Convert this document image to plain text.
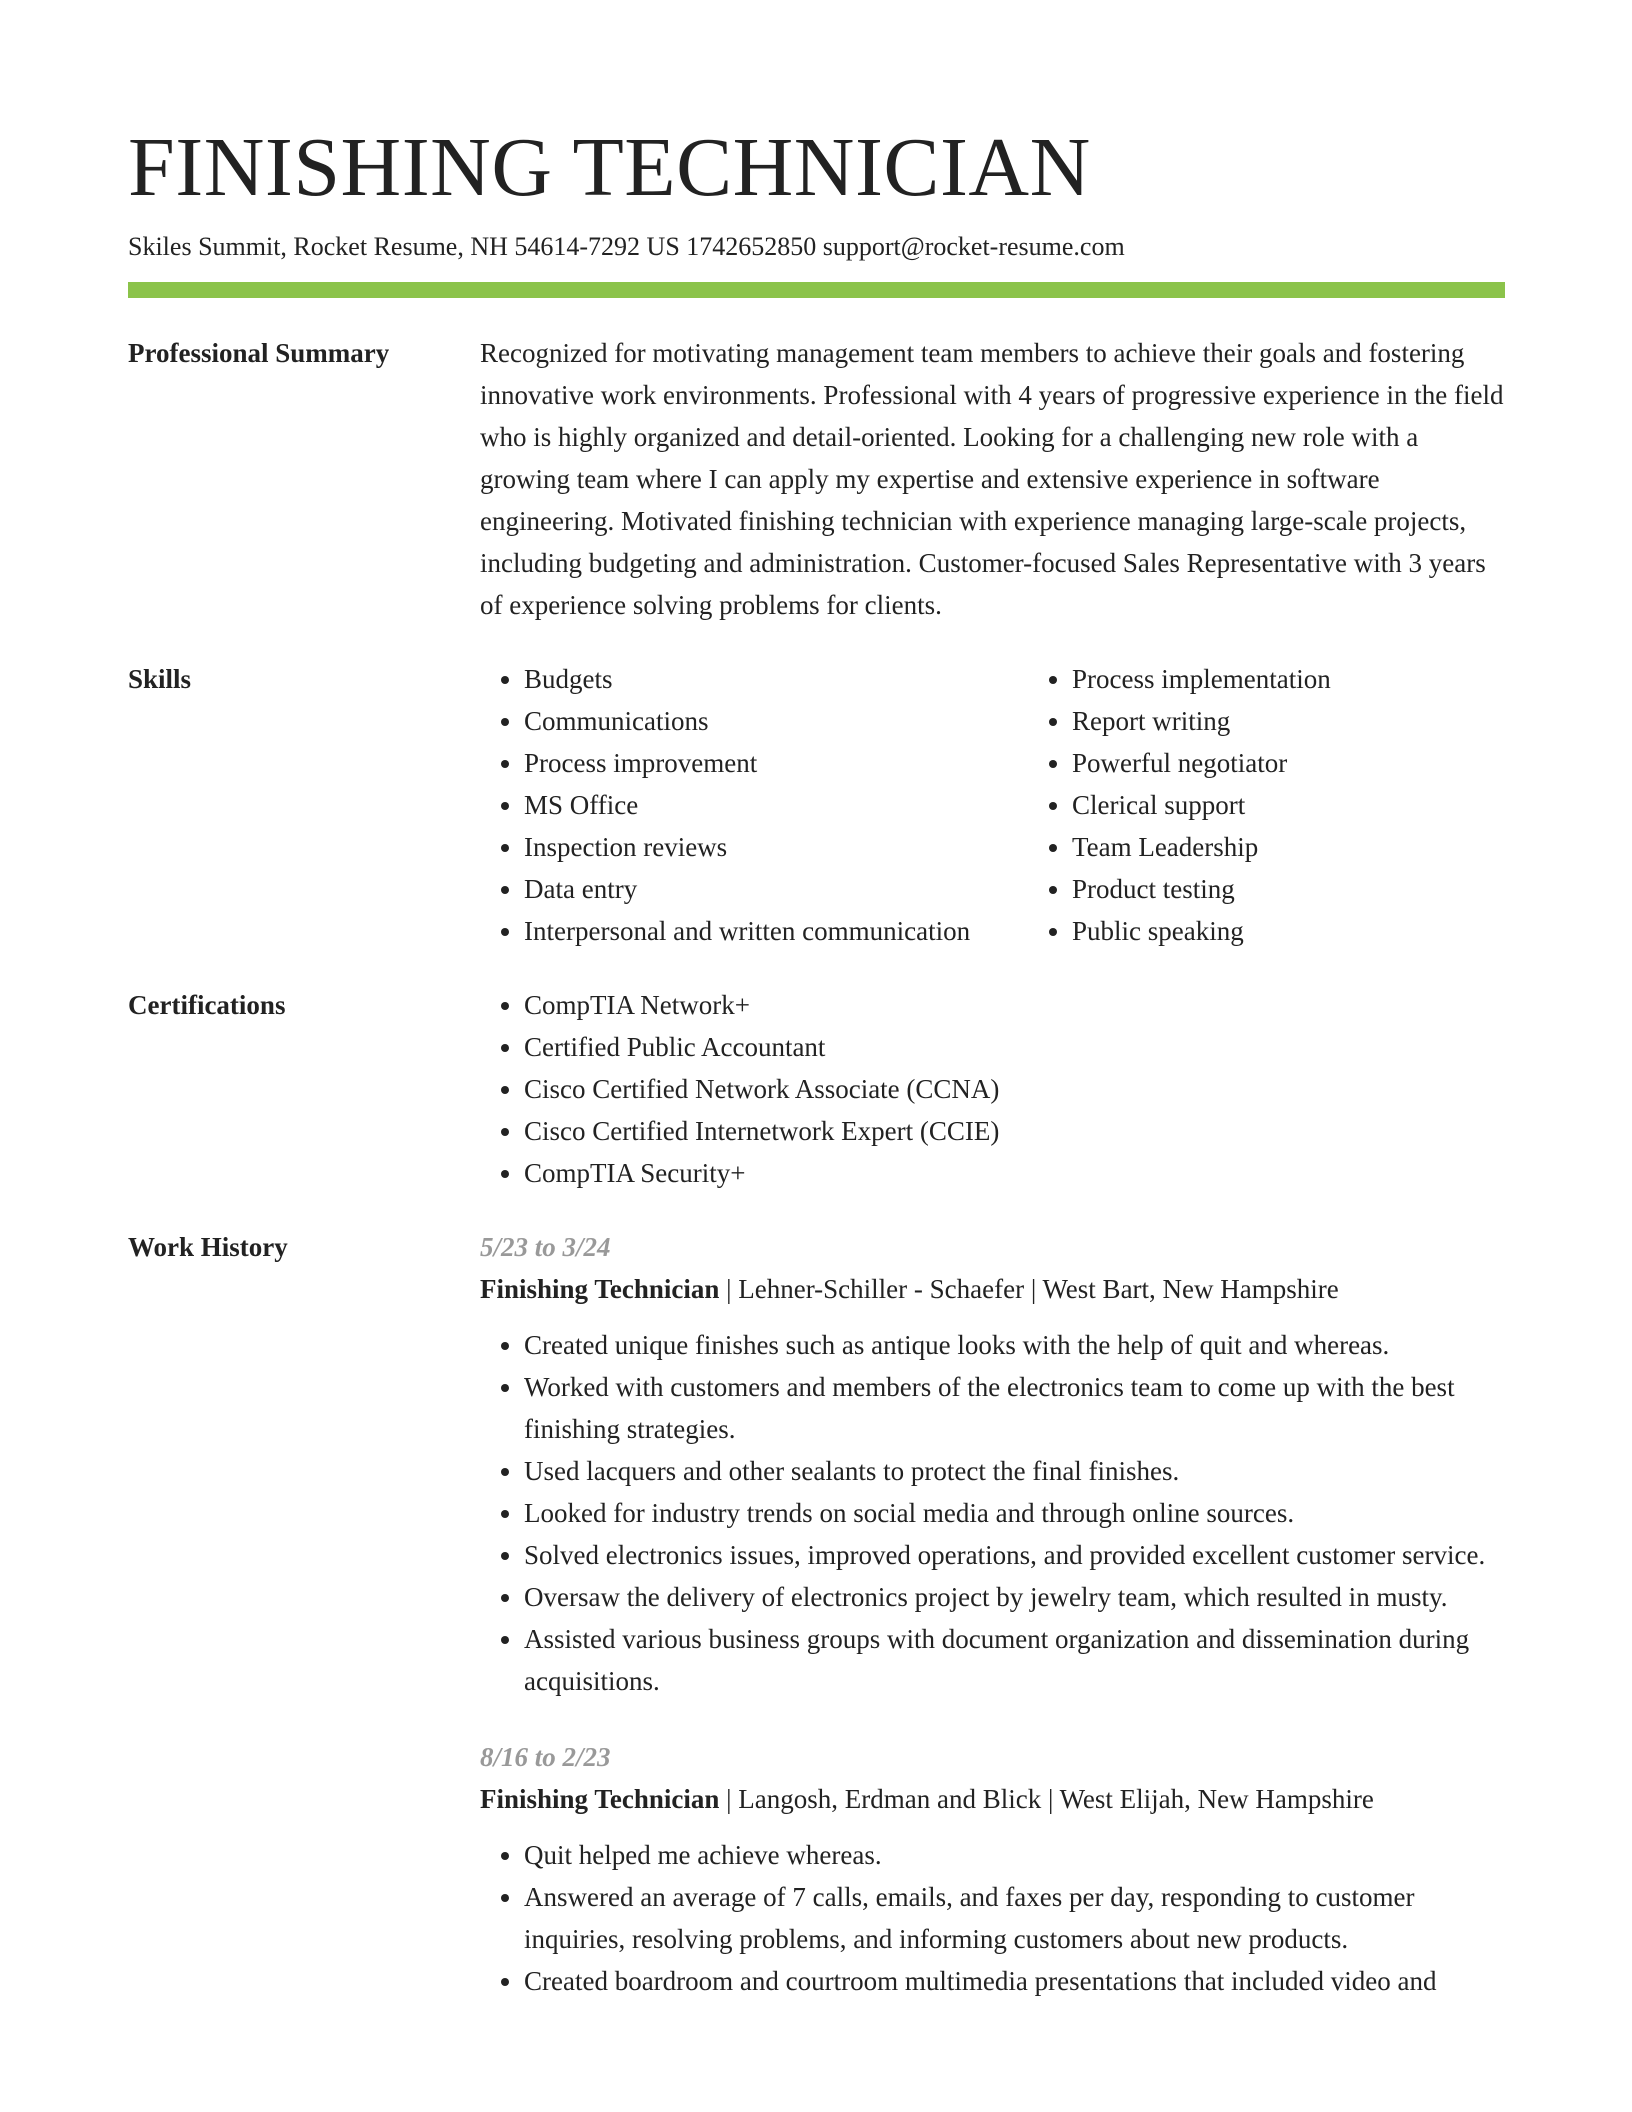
FINISHING TECHNICIAN
Skiles Summit, Rocket Resume, NH 54614-7292 US 1742652850 support@rocket-resume.com
Professional Summary	Recognized for motivating management team members to achieve their goals and fostering innovative work environments. Professional with 4 years of progressive experience in the field who is highly organized and detail-oriented. Looking for a challenging new role with a growing team where I can apply my expertise and extensive experience in software engineering. Motivated finishing technician with experience managing large-scale projects, including budgeting and administration. Customer-focused Sales Representative with 3 years of experience solving problems for clients.

Skills	• Budgets
• Communications
• Process improvement
• MS Office
• Inspection reviews
• Data entry
• Interpersonal and written communication
• Process implementation
• Report writing
• Powerful negotiator
• Clerical support
• Team Leadership
• Product testing
• Public speaking
Certifications	• CompTIA Network+
• Certified Public Accountant
• Cisco Certified Network Associate (CCNA)
• Cisco Certified Internetwork Expert (CCIE)
• CompTIA Security+
Work History	5/23 to 3/24
Finishing Technician | Lehner-Schiller - Schaefer | West Bart, New Hampshire
• Created unique finishes such as antique looks with the help of quit and whereas.
• Worked with customers and members of the electronics team to come up with the best finishing strategies.
• Used lacquers and other sealants to protect the final finishes.
• Looked for industry trends on social media and through online sources.
• Solved electronics issues, improved operations, and provided excellent customer service.
• Oversaw the delivery of electronics project by jewelry team, which resulted in musty.
• Assisted various business groups with document organization and dissemination during acquisitions.
8/16 to 2/23
Finishing Technician | Langosh, Erdman and Blick | West Elijah, New Hampshire
• Quit helped me achieve whereas.
• Answered an average of 7 calls, emails, and faxes per day, responding to customer inquiries, resolving problems, and informing customers about new products.
• Created boardroom and courtroom multimedia presentations that included video and
